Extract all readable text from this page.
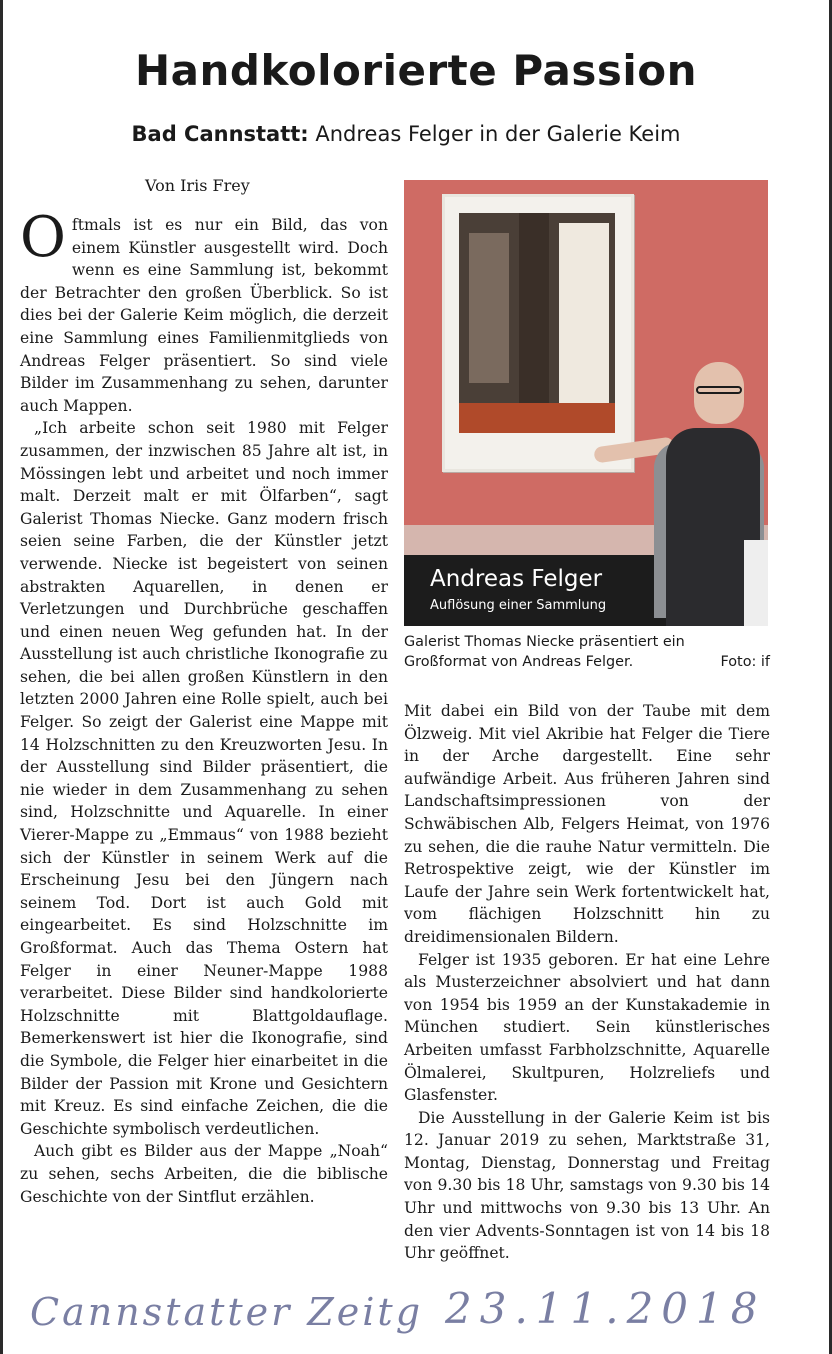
Handkolorierte Passion
Bad Cannstatt: Andreas Felger in der Galerie Keim
Von Iris Frey

Oftmals ist es nur ein Bild, das von einem Künstler ausgestellt wird. Doch wenn es eine Sammlung ist, bekommt der Betrachter den großen Überblick. So ist dies bei der Galerie Keim möglich, die derzeit eine Sammlung eines Familienmitglieds von Andreas Felger präsentiert. So sind viele Bilder im Zusammenhang zu sehen, darunter auch Mappen.

„Ich arbeite schon seit 1980 mit Felger zusammen, der inzwischen 85 Jahre alt ist, in Mössingen lebt und arbeitet und noch immer malt. Derzeit malt er mit Ölfarben“, sagt Galerist Thomas Niecke. Ganz modern frisch seien seine Farben, die der Künstler jetzt verwende. Niecke ist begeistert von seinen abstrakten Aquarellen, in denen er Verletzungen und Durchbrüche geschaffen und einen neuen Weg gefunden hat. In der Ausstellung ist auch christliche Ikonografie zu sehen, die bei allen großen Künstlern in den letzten 2000 Jahren eine Rolle spielt, auch bei Felger. So zeigt der Galerist eine Mappe mit 14 Holzschnitten zu den Kreuzworten Jesu. In der Ausstellung sind Bilder präsentiert, die nie wieder in dem Zusammenhang zu sehen sind, Holzschnitte und Aquarelle. In einer Vierer-Mappe zu „Emmaus“ von 1988 bezieht sich der Künstler in seinem Werk auf die Erscheinung Jesu bei den Jüngern nach seinem Tod. Dort ist auch Gold mit eingearbeitet. Es sind Holzschnitte im Großformat. Auch das Thema Ostern hat Felger in einer Neuner-Mappe 1988 verarbeitet. Diese Bilder sind handkolorierte Holzschnitte mit Blattgoldauflage. Bemerkenswert ist hier die Ikonografie, sind die Symbole, die Felger hier einarbeitet in die Bilder der Passion mit Krone und Gesichtern mit Kreuz. Es sind einfache Zeichen, die die Geschichte symbolisch verdeutlichen.

Auch gibt es Bilder aus der Mappe „Noah“ zu sehen, sechs Arbeiten, die die biblische Geschichte von der Sintflut erzählen.

Andreas Felger
Auflösung einer Sammlung
Galerist Thomas Niecke präsentiert ein
Großformat von Andreas Felger.	Foto: if

Mit dabei ein Bild von der Taube mit dem Ölzweig. Mit viel Akribie hat Felger die Tiere in der Arche dargestellt. Eine sehr aufwändige Arbeit. Aus früheren Jahren sind Landschaftsimpressionen von der Schwäbischen Alb, Felgers Heimat, von 1976 zu sehen, die die rauhe Natur vermitteln. Die Retrospektive zeigt, wie der Künstler im Laufe der Jahre sein Werk fortentwickelt hat, vom flächigen Holzschnitt hin zu dreidimensionalen Bildern.

Felger ist 1935 geboren. Er hat eine Lehre als Musterzeichner absolviert und hat dann von 1954 bis 1959 an der Kunstakademie in München studiert. Sein künstlerisches Arbeiten umfasst Farbholzschnitte, Aquarelle Ölmalerei, Skultpuren, Holzreliefs und Glasfenster.

Die Ausstellung in der Galerie Keim ist bis 12. Januar 2019 zu sehen, Marktstraße 31, Montag, Dienstag, Donnerstag und Freitag von 9.30 bis 18 Uhr, samstags von 9.30 bis 14 Uhr und mittwochs von 9.30 bis 13 Uhr. An den vier Advents-Sonntagen ist von 14 bis 18 Uhr geöffnet.

Cannstatter Zeitg 23.11.2018
